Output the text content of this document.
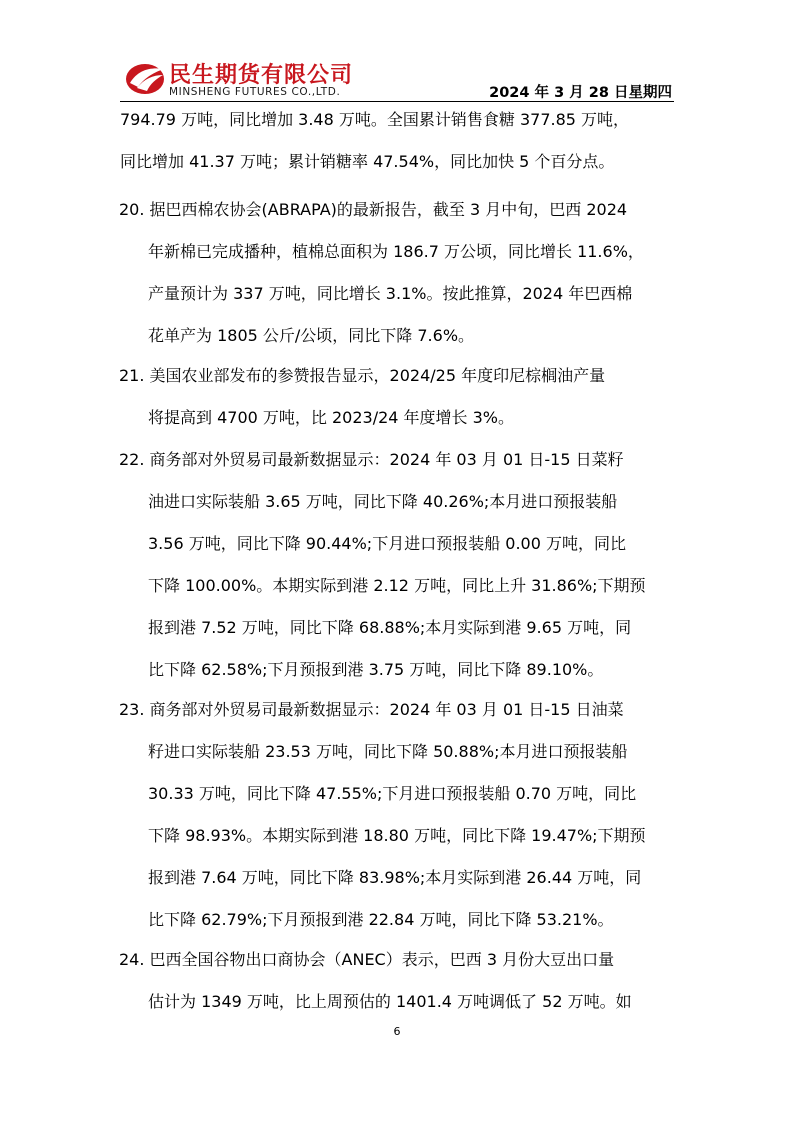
民生期货有限公司
MINSHENG FUTURES CO.,LTD.	2024 年 3 月 28 日星期四
794.79 万吨，同比增加 3.48 万吨。全国累计销售食糖 377.85 万吨，
同比增加 41.37 万吨；累计销糖率 47.54%，同比加快 5 个百分点。
20. 据巴西棉农协会(ABRAPA)的最新报告，截至 3 月中旬，巴西 2024
年新棉已完成播种，植棉总面积为 186.7 万公顷，同比增长 11.6%，
产量预计为 337 万吨，同比增长 3.1%。按此推算，2024 年巴西棉
花单产为 1805 公斤/公顷，同比下降 7.6%。
21. 美国农业部发布的参赞报告显示，2024/25 年度印尼棕榈油产量
将提高到 4700 万吨，比 2023/24 年度增长 3%。
22. 商务部对外贸易司最新数据显示：2024 年 03 月 01 日-15 日菜籽
油进口实际装船 3.65 万吨，同比下降 40.26%;本月进口预报装船
3.56 万吨，同比下降 90.44%;下月进口预报装船 0.00 万吨，同比
下降 100.00%。本期实际到港 2.12 万吨，同比上升 31.86%;下期预
报到港 7.52 万吨，同比下降 68.88%;本月实际到港 9.65 万吨，同
比下降 62.58%;下月预报到港 3.75 万吨，同比下降 89.10%。
23. 商务部对外贸易司最新数据显示：2024 年 03 月 01 日-15 日油菜
籽进口实际装船 23.53 万吨，同比下降 50.88%;本月进口预报装船
30.33 万吨，同比下降 47.55%;下月进口预报装船 0.70 万吨，同比
下降 98.93%。本期实际到港 18.80 万吨，同比下降 19.47%;下期预
报到港 7.64 万吨，同比下降 83.98%;本月实际到港 26.44 万吨，同
比下降 62.79%;下月预报到港 22.84 万吨，同比下降 53.21%。
24. 巴西全国谷物出口商协会（ANEC）表示，巴西 3 月份大豆出口量
估计为 1349 万吨，比上周预估的 1401.4 万吨调低了 52 万吨。如
6
